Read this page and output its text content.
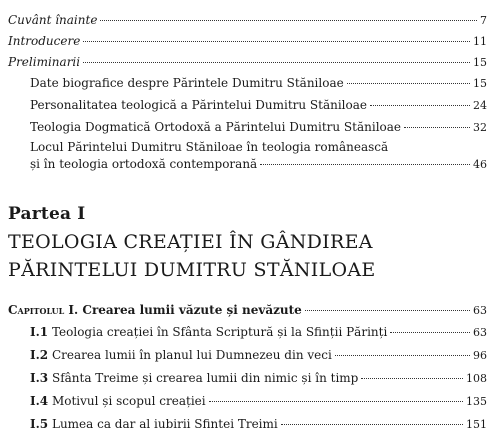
Cuvânt înainte	7
Introducere	11
Preliminarii	15
Date biografice despre Părintele Dumitru Stăniloae	15
Personalitatea teologică a Părintelui Dumitru Stăniloae	24
Teologia Dogmatică Ortodoxă a Părintelui Dumitru Stăniloae	32
Locul Părintelui Dumitru Stăniloae în teologia românească
și în teologia ortodoxă contemporană	46
Partea I
TEOLOGIA CREAȚIEI ÎN GÂNDIREA PĂRINTELUI DUMITRU STĂNILOAE
Capitolul I. Crearea lumii văzute și nevăzute	63
I.1 Teologia creației în Sfânta Scriptură și la Sfinții Părinți	63
I.2 Crearea lumii în planul lui Dumnezeu din veci	96
I.3 Sfânta Treime și crearea lumii din nimic și în timp	108
I.4 Motivul și scopul creației	135
I.5 Lumea ca dar al iubirii Sfintei Treimi	151
